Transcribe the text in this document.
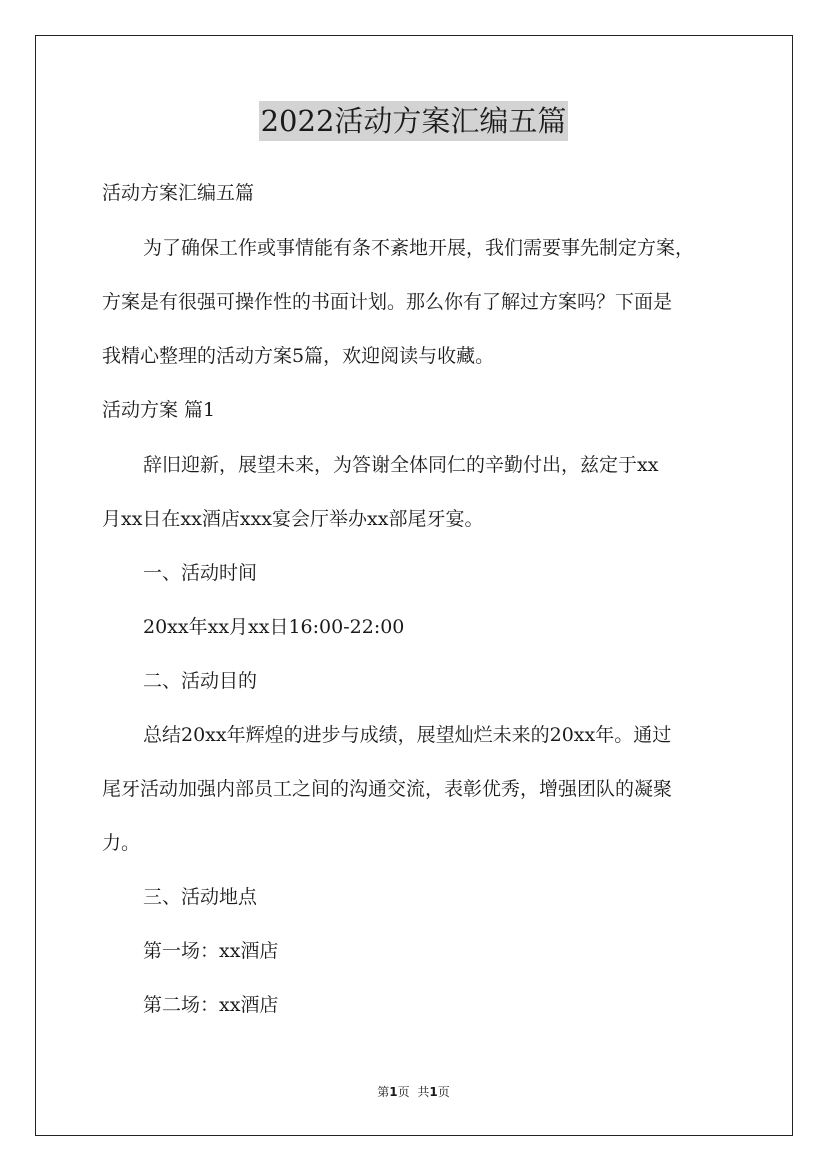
2022活动方案汇编五篇
活动方案汇编五篇
为了确保工作或事情能有条不紊地开展，我们需要事先制定方案，
方案是有很强可操作性的书面计划。那么你有了解过方案吗？下面是
我精心整理的活动方案5篇，欢迎阅读与收藏。
活动方案 篇1
辞旧迎新，展望未来，为答谢全体同仁的辛勤付出，兹定于xx
月xx日在xx酒店xxx宴会厅举办xx部尾牙宴。
一、活动时间
20xx年xx月xx日16:00-22:00
二、活动目的
总结20xx年辉煌的进步与成绩，展望灿烂未来的20xx年。通过
尾牙活动加强内部员工之间的沟通交流，表彰优秀，增强团队的凝聚
力。
三、活动地点
第一场：xx酒店
第二场：xx酒店
第1页 共1页
